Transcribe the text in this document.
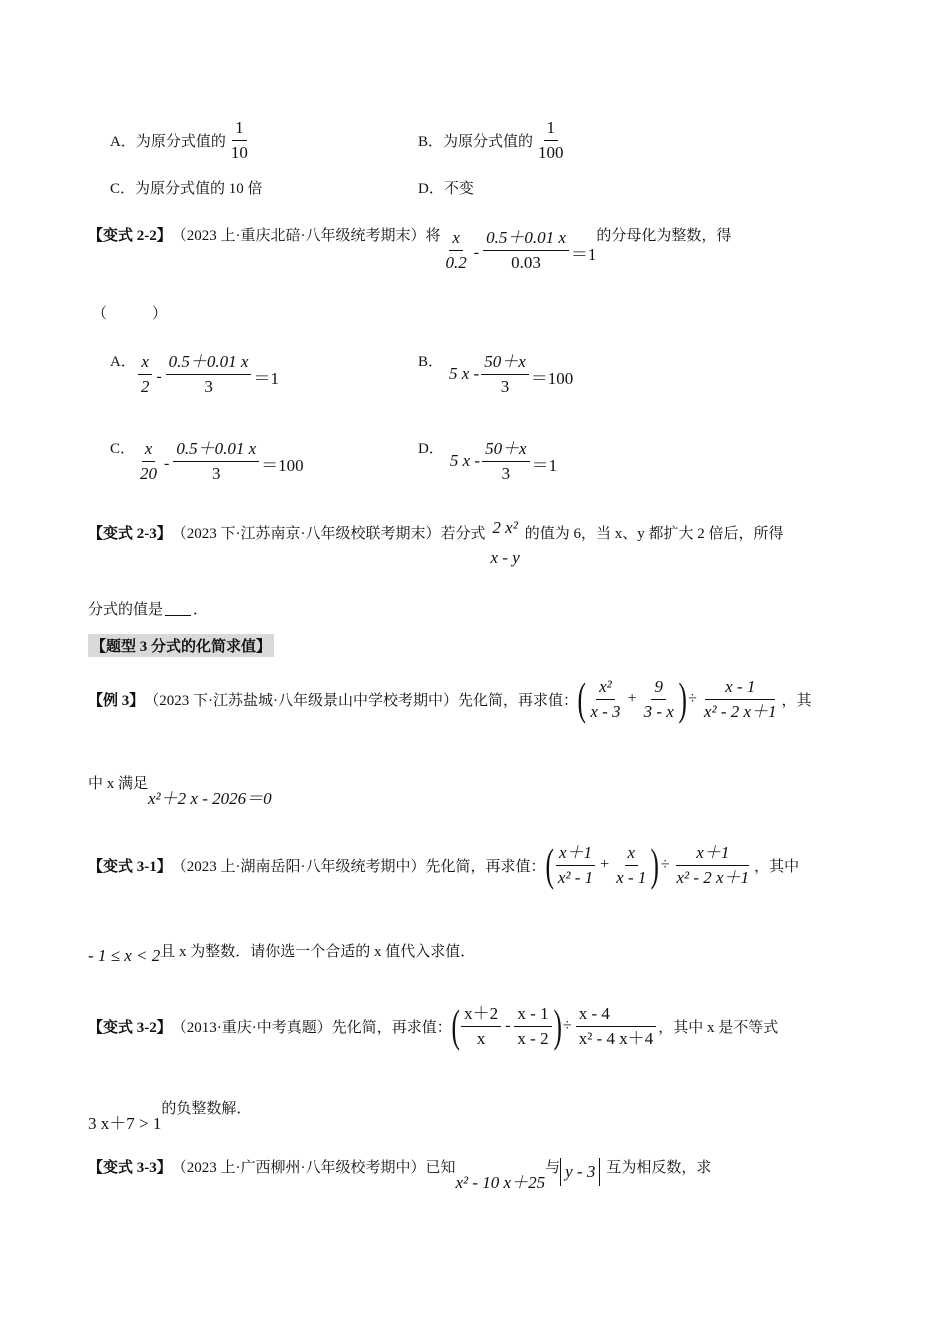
A． 为原分式值的 $\frac{1}{10}$	B． 为原分式值的 $\frac{1}{100}$
C． 为原分式值的 10 倍	D． 不变
【变式 2-2】 （2023 上·重庆北碚·八年级统考期末）将 $\frac{x}{0.2} - \frac{0.5+0.01 x}{0.03} =1$
的分母化为整数，得
（　　　）
A． $\frac{x}{2} - \frac{0.5+0.01 x}{3} =1$
B．
5 $x - \frac{50+x}{3} =100$
C． $\frac{x}{20} - \frac{0.5+0.01 x}{3} =100$
D．
5 $x - \frac{50+x}{3} =1$
【变式 2-3】 （2023 下·江苏南京·八年级校联考期末）若分式 2 x²
x - y
的值为 6，当 x、y 都扩大 2 倍后，所得
分式的值是 ．
【题型 3 分式的化简求值】
【例 3】 （2023 下·江苏盐城·八年级景山中学校考期中）先化简，再求值： ( $\frac{\text{x²}}{x - 3} + \frac{9}{3 - x}$ ) ÷ $\frac{x - 1}{\text{x² - 2 x＋1}}$ ，其
中 x 满足
x²＋2 x - 2026＝0
【变式 3-1】 （2023 上·湖南岳阳·八年级统考期中）先化简，再求值： ( $\frac{x+1}{\text{x² - 1}} + \frac{x}{x - 1}$ ) ÷ $\frac{x+1}{\text{x² - 2 x＋1}}$ ，其中
- 1 ≤ x < 2 且 x 为整数．请你选一个合适的 x 值代入求值．
【变式 3-2】 （2013·重庆·中考真题）先化简，再求值： ( $\frac{x+2}{x} - \frac{x - 1}{x - 2}$ ) ÷ $\frac{x - 4}{\text{x² - 4 x＋4}}$ ，其中 x 是不等式
3 x＋7 > 1
的负整数解．
【变式 3-3】 （2023 上·广西柳州·八年级校考期中）已知
x² - 10 x＋25
与 y - 3 互为相反数，求
